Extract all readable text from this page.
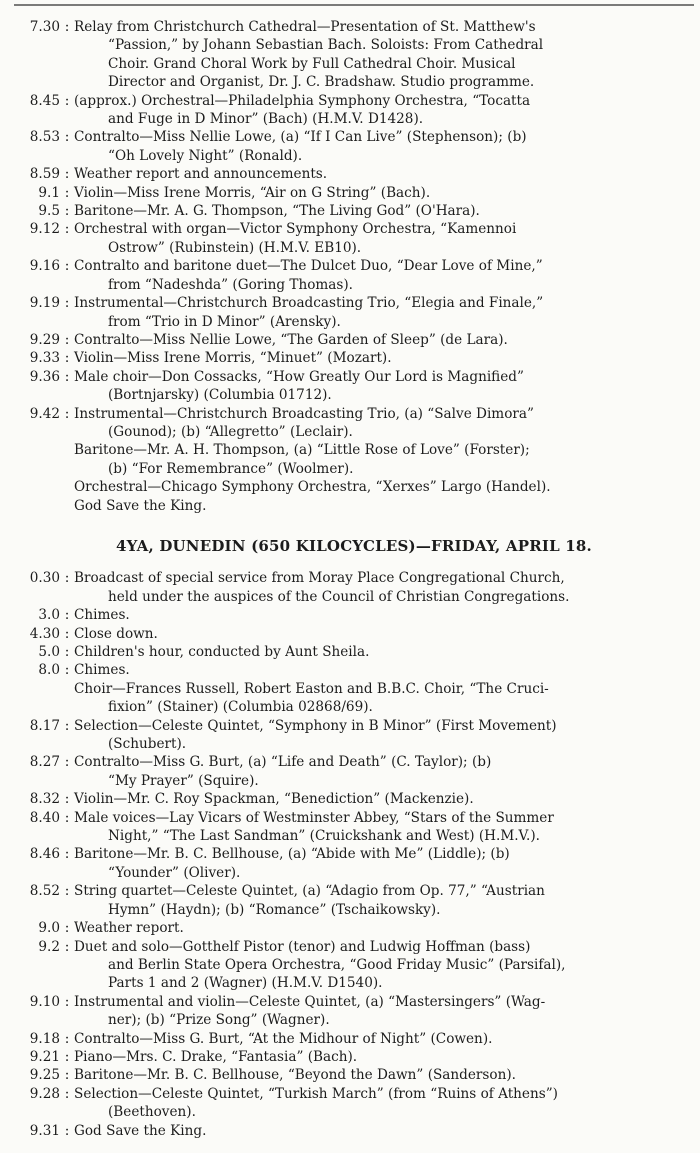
7.30 : Relay from Christchurch Cathedral—Presentation of St. Matthew's
“Passion,” by Johann Sebastian Bach. Soloists: From Cathedral
Choir. Grand Choral Work by Full Cathedral Choir. Musical
Director and Organist, Dr. J. C. Bradshaw. Studio programme.
8.45 : (approx.) Orchestral—Philadelphia Symphony Orchestra, “Tocatta
and Fuge in D Minor” (Bach) (H.M.V. D1428).
8.53 : Contralto—Miss Nellie Lowe, (a) “If I Can Live” (Stephenson); (b)
“Oh Lovely Night” (Ronald).
8.59 : Weather report and announcements.
9.1 : Violin—Miss Irene Morris, “Air on G String” (Bach).
9.5 : Baritone—Mr. A. G. Thompson, “The Living God” (O'Hara).
9.12 : Orchestral with organ—Victor Symphony Orchestra, “Kamennoi
Ostrow” (Rubinstein) (H.M.V. EB10).
9.16 : Contralto and baritone duet—The Dulcet Duo, “Dear Love of Mine,”
from “Nadeshda” (Goring Thomas).
9.19 : Instrumental—Christchurch Broadcasting Trio, “Elegia and Finale,”
from “Trio in D Minor” (Arensky).
9.29 : Contralto—Miss Nellie Lowe, “The Garden of Sleep” (de Lara).
9.33 : Violin—Miss Irene Morris, “Minuet” (Mozart).
9.36 : Male choir—Don Cossacks, “How Greatly Our Lord is Magnified”
(Bortnjarsky) (Columbia 01712).
9.42 : Instrumental—Christchurch Broadcasting Trio, (a) “Salve Dimora”
(Gounod); (b) “Allegretto” (Leclair).
Baritone—Mr. A. H. Thompson, (a) “Little Rose of Love” (Forster);
(b) “For Remembrance” (Woolmer).
Orchestral—Chicago Symphony Orchestra, “Xerxes” Largo (Handel).
God Save the King.
4YA, DUNEDIN (650 KILOCYCLES)—FRIDAY, APRIL 18.
0.30 : Broadcast of special service from Moray Place Congregational Church,
held under the auspices of the Council of Christian Congregations.
3.0 : Chimes.
4.30 : Close down.
5.0 : Children's hour, conducted by Aunt Sheila.
8.0 : Chimes.
Choir—Frances Russell, Robert Easton and B.B.C. Choir, “The Cruci-
fixion” (Stainer) (Columbia 02868/69).
8.17 : Selection—Celeste Quintet, “Symphony in B Minor” (First Movement)
(Schubert).
8.27 : Contralto—Miss G. Burt, (a) “Life and Death” (C. Taylor); (b)
“My Prayer” (Squire).
8.32 : Violin—Mr. C. Roy Spackman, “Benediction” (Mackenzie).
8.40 : Male voices—Lay Vicars of Westminster Abbey, “Stars of the Summer
Night,” “The Last Sandman” (Cruickshank and West) (H.M.V.).
8.46 : Baritone—Mr. B. C. Bellhouse, (a) “Abide with Me” (Liddle); (b)
“Younder” (Oliver).
8.52 : String quartet—Celeste Quintet, (a) “Adagio from Op. 77,” “Austrian
Hymn” (Haydn); (b) “Romance” (Tschaikowsky).
9.0 : Weather report.
9.2 : Duet and solo—Gotthelf Pistor (tenor) and Ludwig Hoffman (bass)
and Berlin State Opera Orchestra, “Good Friday Music” (Parsifal),
Parts 1 and 2 (Wagner) (H.M.V. D1540).
9.10 : Instrumental and violin—Celeste Quintet, (a) “Mastersingers” (Wag-
ner); (b) “Prize Song” (Wagner).
9.18 : Contralto—Miss G. Burt, “At the Midhour of Night” (Cowen).
9.21 : Piano—Mrs. C. Drake, “Fantasia” (Bach).
9.25 : Baritone—Mr. B. C. Bellhouse, “Beyond the Dawn” (Sanderson).
9.28 : Selection—Celeste Quintet, “Turkish March” (from “Ruins of Athens”)
(Beethoven).
9.31 : God Save the King.
